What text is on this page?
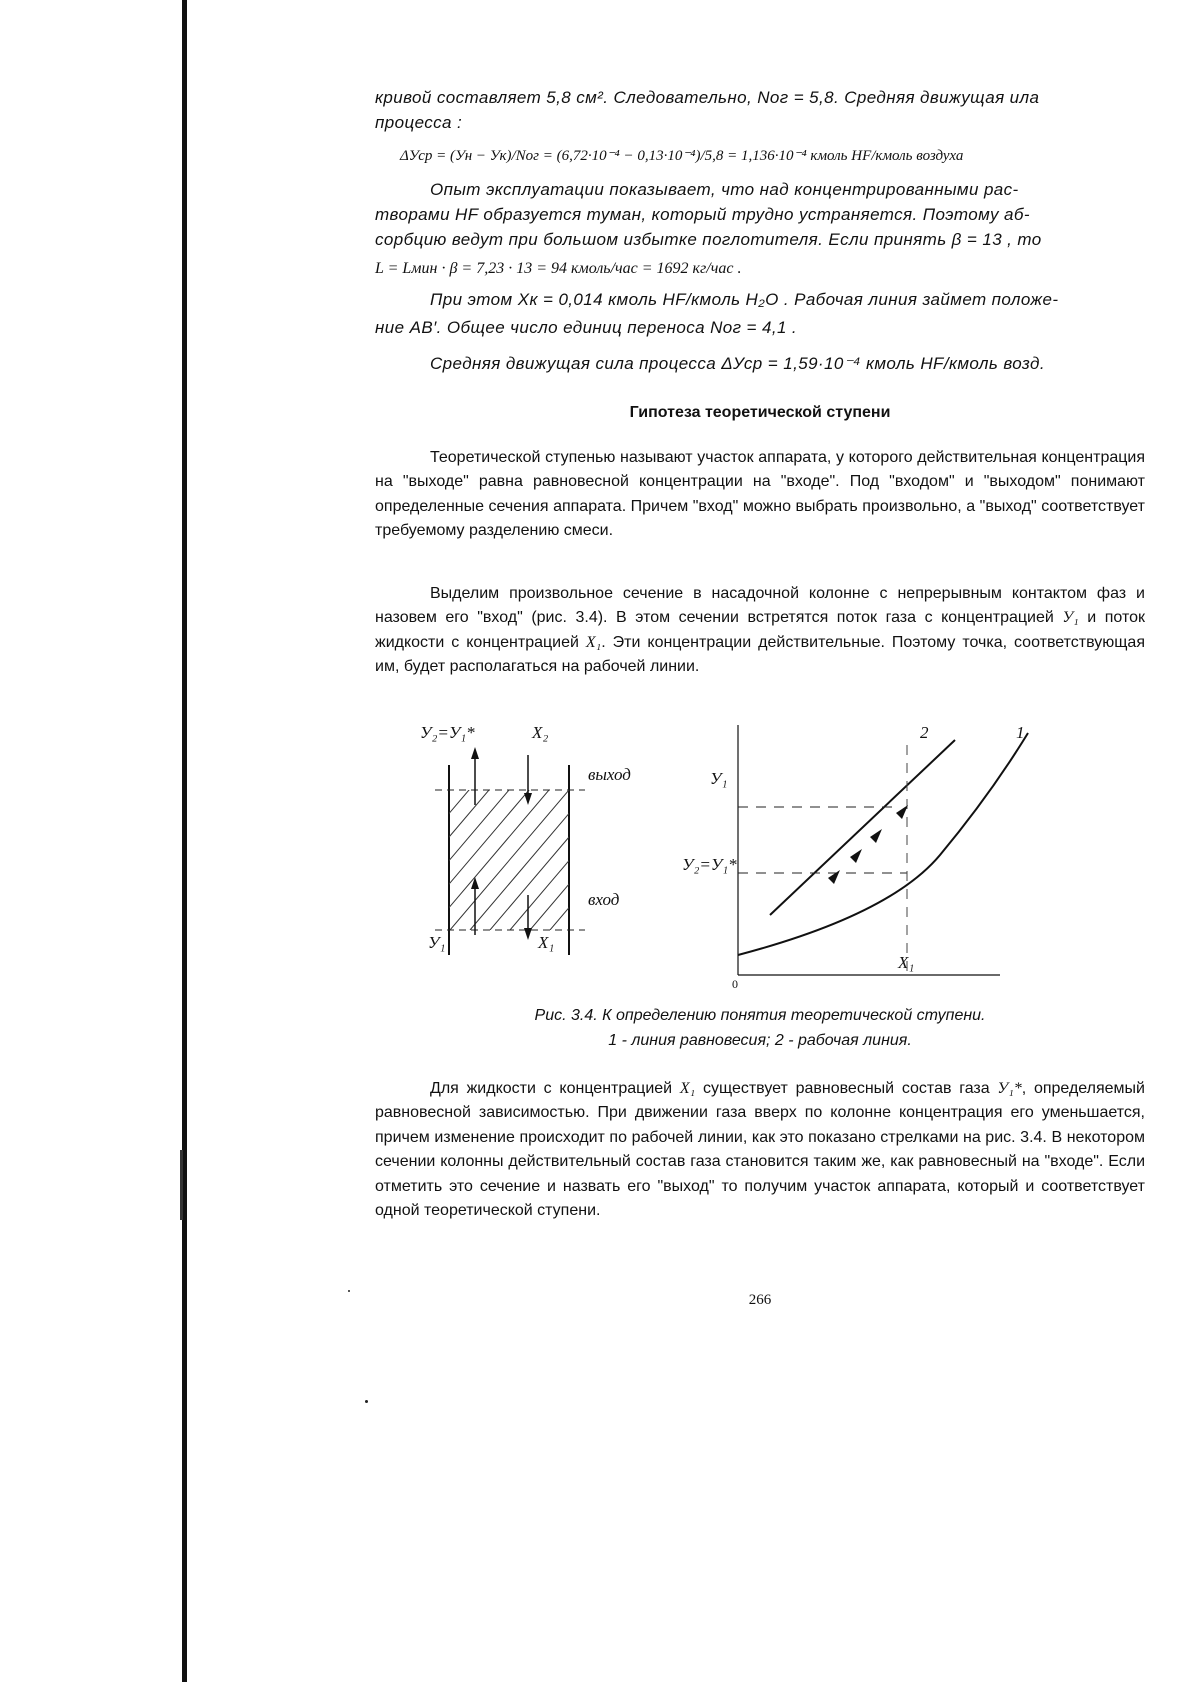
кривой составляет 5,8 см². Следовательно, Nог = 5,8. Средняя движущая ила
процесса :
ΔУср = (Ун − Ук)/Nог = (6,72·10⁻⁴ − 0,13·10⁻⁴)/5,8 = 1,136·10⁻⁴ кмоль HF/кмоль воздуха
Опыт эксплуатации показывает, что над концентрированными рас-
творами HF образуется туман, который трудно устраняется. Поэтому аб-
сорбцию ведут при большом избытке поглотителя. Если принять β = 13 , то
L = Lмин · β = 7,23 · 13 = 94 кмоль/час = 1692 кг/час .
При этом Xк = 0,014 кмоль HF/кмоль H₂O . Рабочая линия займет положе-
ние AB′. Общее число единиц переноса Nог = 4,1 .
Средняя движущая сила процесса ΔУср = 1,59·10⁻⁴ кмоль HF/кмоль возд.
Гипотеза теоретической ступени
Теоретической ступенью называют участок аппарата, у которого действительная концентрация на "выходе" равна равновесной концентрации на "входе". Под "входом" и "выходом" понимают определенные сечения аппарата. Причем "вход" можно выбрать произвольно, а "выход" соответствует требуемому разделению смеси.
Выделим произвольное сечение в насадочной колонне с непрерывным контактом фаз и назовем его "вход" (рис. 3.4). В этом сечении встретятся поток газа с концентрацией У₁ и поток жидкости с концентрацией X₁. Эти концентрации действительные. Поэтому точка, соответствующая им, будет располагаться на рабочей линии.
У₂=У₁*	X₂
выход
вход
У₁	X₁
У₁
У₂=У₁*
0
X₁
2	1
Рис. 3.4. К определению понятия теоретической ступени.
1 - линия равновесия; 2 - рабочая линия.
Для жидкости с концентрацией X₁ существует равновесный состав газа У₁*, определяемый равновесной зависимостью. При движении газа вверх по колонне концентрация его уменьшается, причем изменение происходит по рабочей линии, как это показано стрелками на рис. 3.4. В некотором сечении колонны действительный состав газа становится таким же, как равновесный на "входе". Если отметить это сечение и назвать его "выход" то получим участок аппарата, который и соответствует одной теоретической ступени.
266
